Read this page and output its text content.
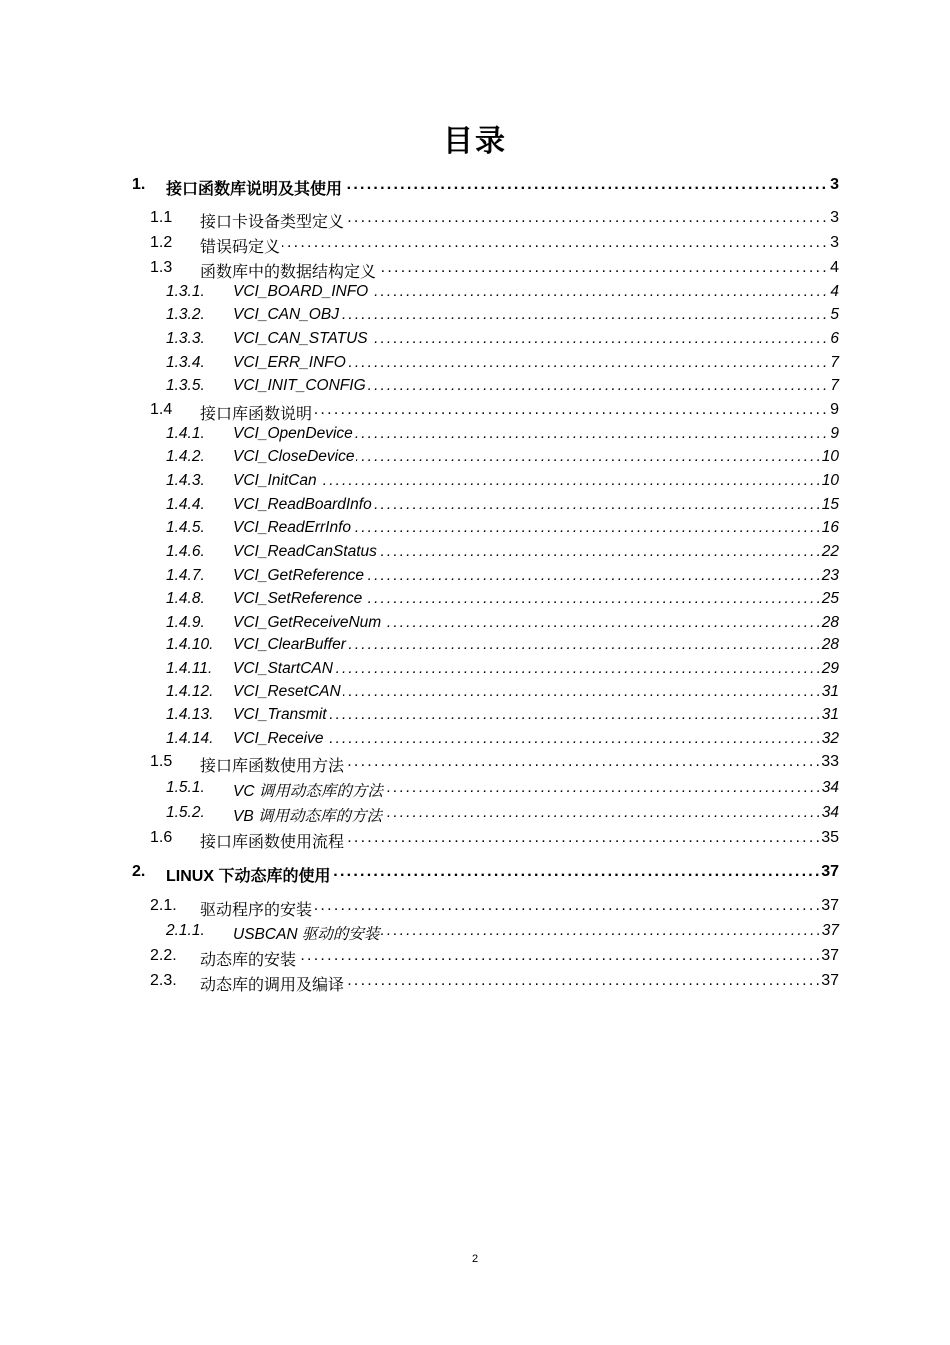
目录
1. . . . 接口函数库说明及其使用	3
1.1 . . . 接口卡设备类型定义	3
1.2 . . . 错误码定义	3
1.3 . . . 函数库中的数据结构定义	4
1.3.1. . . . VCI_BOARD_INFO	4
1.3.2. . . . VCI_CAN_OBJ	5
1.3.3. . . . VCI_CAN_STATUS	6
1.3.4. . . . VCI_ERR_INFO	7
1.3.5. . . . VCI_INIT_CONFIG	7
1.4 . . . 接口库函数说明	9
1.4.1. . . . VCI_OpenDevice	9
1.4.2. . . . VCI_CloseDevice	10
1.4.3. . . . VCI_InitCan	10
1.4.4. . . . VCI_ReadBoardInfo	15
1.4.5. . . . VCI_ReadErrInfo	16
1.4.6. . . . VCI_ReadCanStatus	22
1.4.7. . . . VCI_GetReference	23
1.4.8. . . . VCI_SetReference	25
1.4.9. . . . VCI_GetReceiveNum	28
1.4.10. . . . VCI_ClearBuffer	28
1.4.11. . . . VCI_StartCAN	29
1.4.12. . . . VCI_ResetCAN	31
1.4.13. . . . VCI_Transmit	31
1.4.14. . . . VCI_Receive	32
1.5 . . . 接口库函数使用方法	33
1.5.1. . . . VC 调用动态库的方法	34
1.5.2. . . . VB 调用动态库的方法	34
1.6 . . . 接口库函数使用流程	35
2. . . . LINUX 下动态库的使用	37
2.1. . . . 驱动程序的安装	37
2.1.1. . . . USBCAN 驱动的安装	37
2.2. . . . 动态库的安装	37
2.3. . . . 动态库的调用及编译	37
2
